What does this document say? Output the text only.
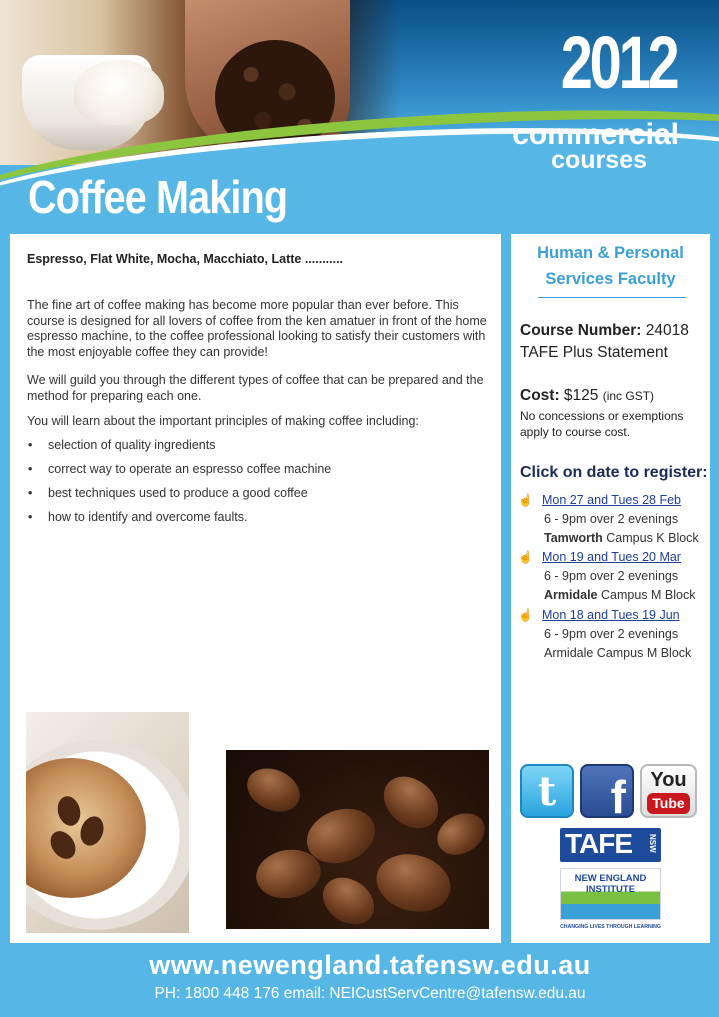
2012
commercial
courses
Coffee Making
Espresso, Flat White, Mocha, Macchiato, Latte ...........

The fine art of coffee making has become more popular than ever before. This course is designed for all lovers of coffee from the ken amatuer in front of the home espresso machine, to the coffee professional looking to satisfy their customers with the most enjoyable coffee they can provide!

We will guild you through the different types of coffee that can be prepared and the method for preparing each one.

You will learn about the important principles of making coffee including:

• selection of quality ingredients
• correct way to operate an espresso coffee machine
• best techniques used to produce a good coffee
• how to identify and overcome faults.
Human & Personal
Services Faculty
Course Number: 24018
TAFE Plus Statement
Cost: $125 (inc GST)
No concessions or exemptions apply to course cost.
Click on date to register:
☝ Mon 27 and Tues 28 Feb
6 - 9pm over 2 evenings
Tamworth Campus K Block
☝ Mon 19 and Tues 20 Mar
6 - 9pm over 2 evenings
Armidale Campus M Block
☝ Mon 18 and Tues 19 Jun
6 - 9pm over 2 evenings
Armidale Campus M Block
t	f	You
Tube
TAFE NSW
NEW ENGLAND
INSTITUTE
CHANGING LIVES THROUGH LEARNING
www.newengland.tafensw.edu.au
PH: 1800 448 176 email: NEICustServCentre@tafensw.edu.au
